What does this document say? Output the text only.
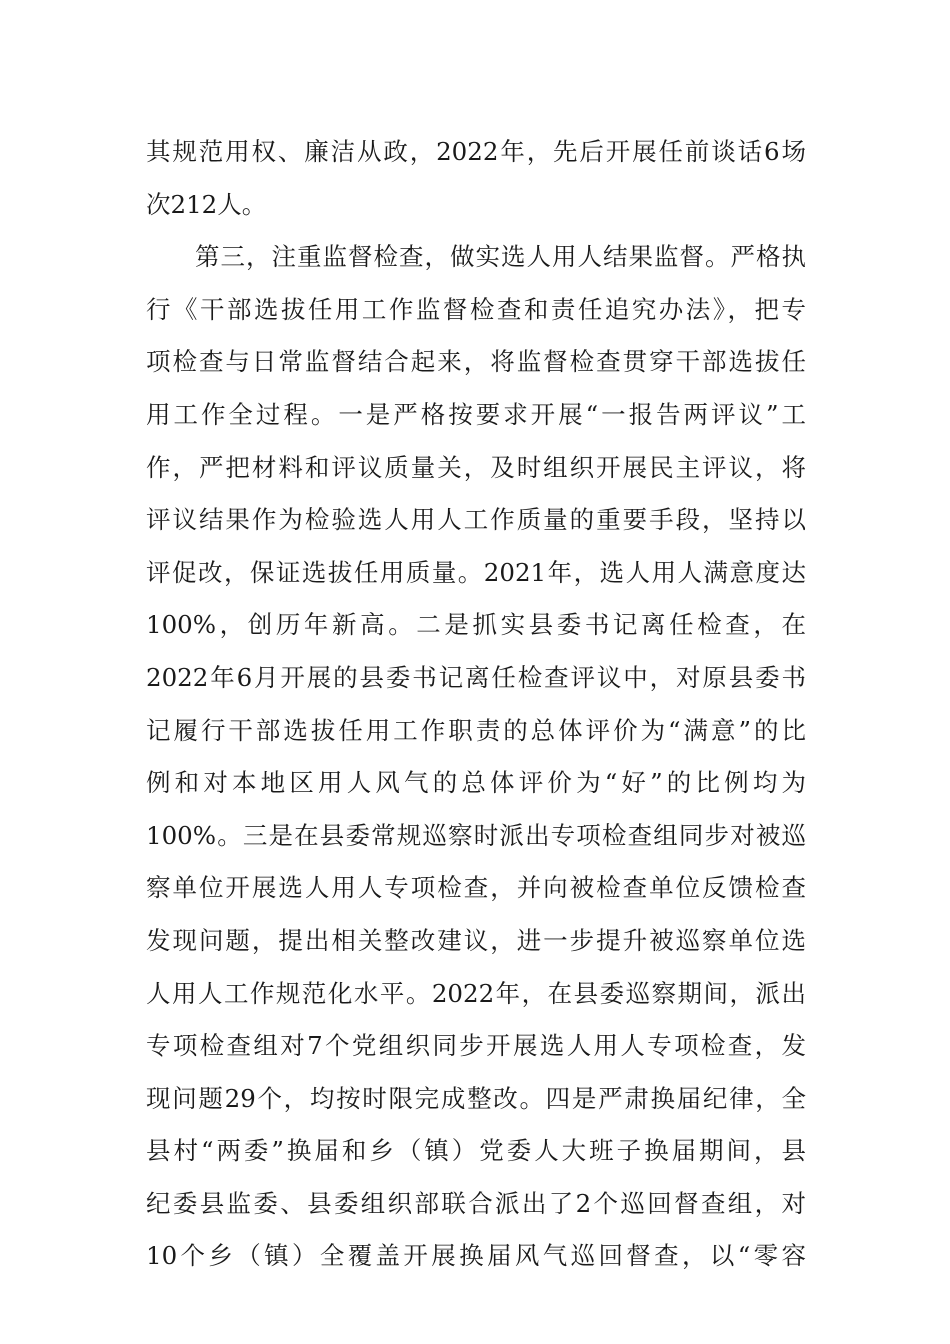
其规范用权、廉洁从政，2022年，先后开展任前谈话6场
次212人。
第三，注重监督检查，做实选人用人结果监督。严格执
行《干部选拔任用工作监督检查和责任追究办法》，把专
项检查与日常监督结合起来，将监督检查贯穿干部选拔任
用工作全过程。一是严格按要求开展“一报告两评议”工
作，严把材料和评议质量关，及时组织开展民主评议，将
评议结果作为检验选人用人工作质量的重要手段，坚持以
评促改，保证选拔任用质量。2021年，选人用人满意度达
100%，创历年新高。二是抓实县委书记离任检查，在
2022年6月开展的县委书记离任检查评议中，对原县委书
记履行干部选拔任用工作职责的总体评价为“满意”的比
例和对本地区用人风气的总体评价为“好”的比例均为
100%。三是在县委常规巡察时派出专项检查组同步对被巡
察单位开展选人用人专项检查，并向被检查单位反馈检查
发现问题，提出相关整改建议，进一步提升被巡察单位选
人用人工作规范化水平。2022年，在县委巡察期间，派出
专项检查组对7个党组织同步开展选人用人专项检查，发
现问题29个，均按时限完成整改。四是严肃换届纪律，全
县村“两委”换届和乡（镇）党委人大班子换届期间，县
纪委县监委、县委组织部联合派出了2个巡回督查组，对
10个乡（镇）全覆盖开展换届风气巡回督查，以“零容
